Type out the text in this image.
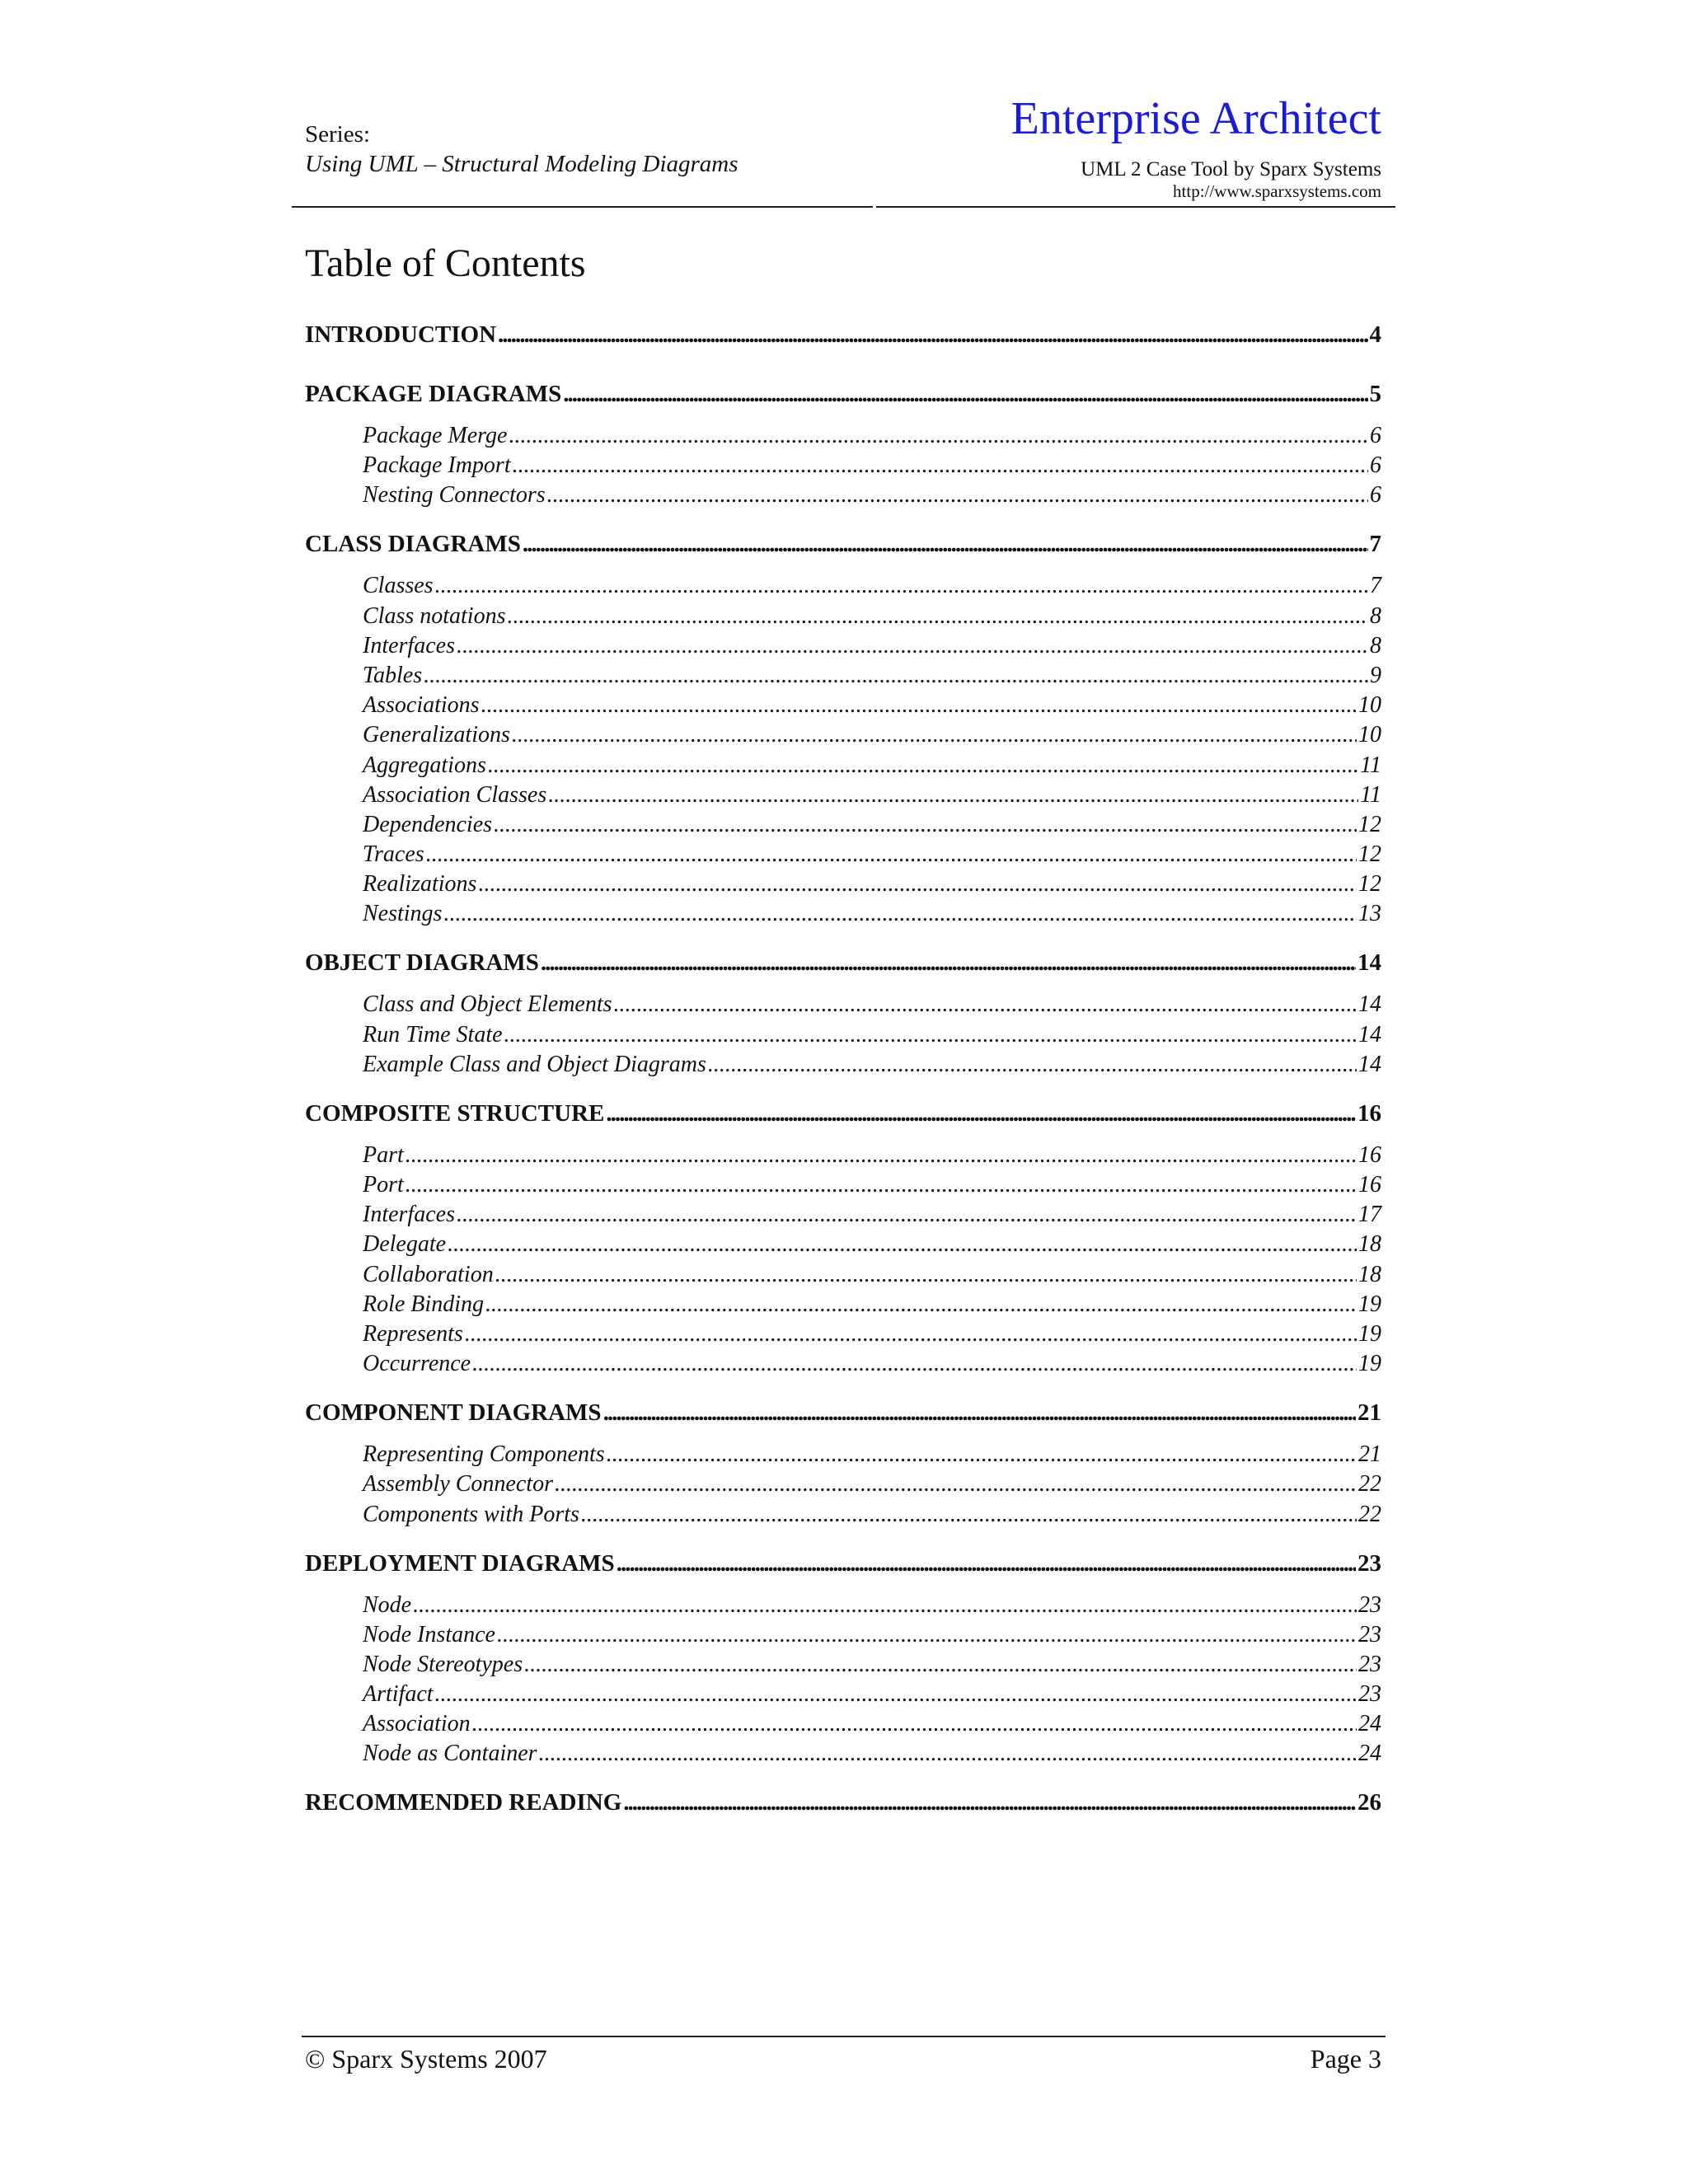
Series:

Using UML – Structural Modeling Diagrams

Enterprise Architect

UML 2 Case Tool by Sparx Systems

http://www.sparxsystems.com

Table of Contents
INTRODUCTION .....	4
PACKAGE DIAGRAMS .....	5
Package Merge .....	6
Package Import .....	6
Nesting Connectors .....	6
CLASS DIAGRAMS .....	7
Classes .....	7
Class notations .....	8
Interfaces .....	8
Tables .....	9
Associations .....	10
Generalizations .....	10
Aggregations .....	11
Association Classes .....	11
Dependencies .....	12
Traces .....	12
Realizations .....	12
Nestings .....	13
OBJECT DIAGRAMS .....	14
Class and Object Elements .....	14
Run Time State .....	14
Example Class and Object Diagrams .....	14
COMPOSITE STRUCTURE .....	16
Part .....	16
Port .....	16
Interfaces .....	17
Delegate .....	18
Collaboration .....	18
Role Binding .....	19
Represents .....	19
Occurrence .....	19
COMPONENT DIAGRAMS .....	21
Representing Components .....	21
Assembly Connector .....	22
Components with Ports .....	22
DEPLOYMENT DIAGRAMS .....	23
Node .....	23
Node Instance .....	23
Node Stereotypes .....	23
Artifact .....	23
Association .....	24
Node as Container .....	24
RECOMMENDED READING .....	26
© Sparx Systems 2007	Page 3
